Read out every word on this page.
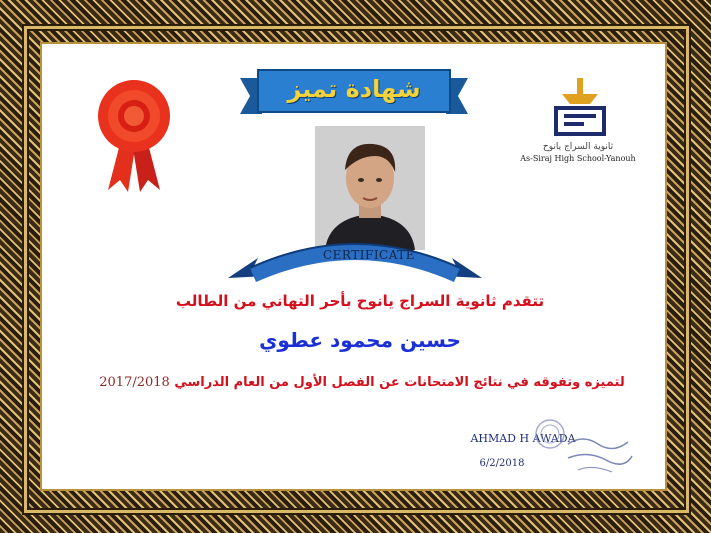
شهادة تميز
ثانوية السراج يانوح
As-Siraj High School-Yanouh
CERTIFICATE
تتقدم ثانوية السراج يانوح بأحر التهاني من الطالب
حسين محمود عطوي
لتميزه وتفوقه في نتائج الامتحانات عن الفصل الأول من العام الدراسي 2017/2018
AHMAD H AWADA
6/2/2018
